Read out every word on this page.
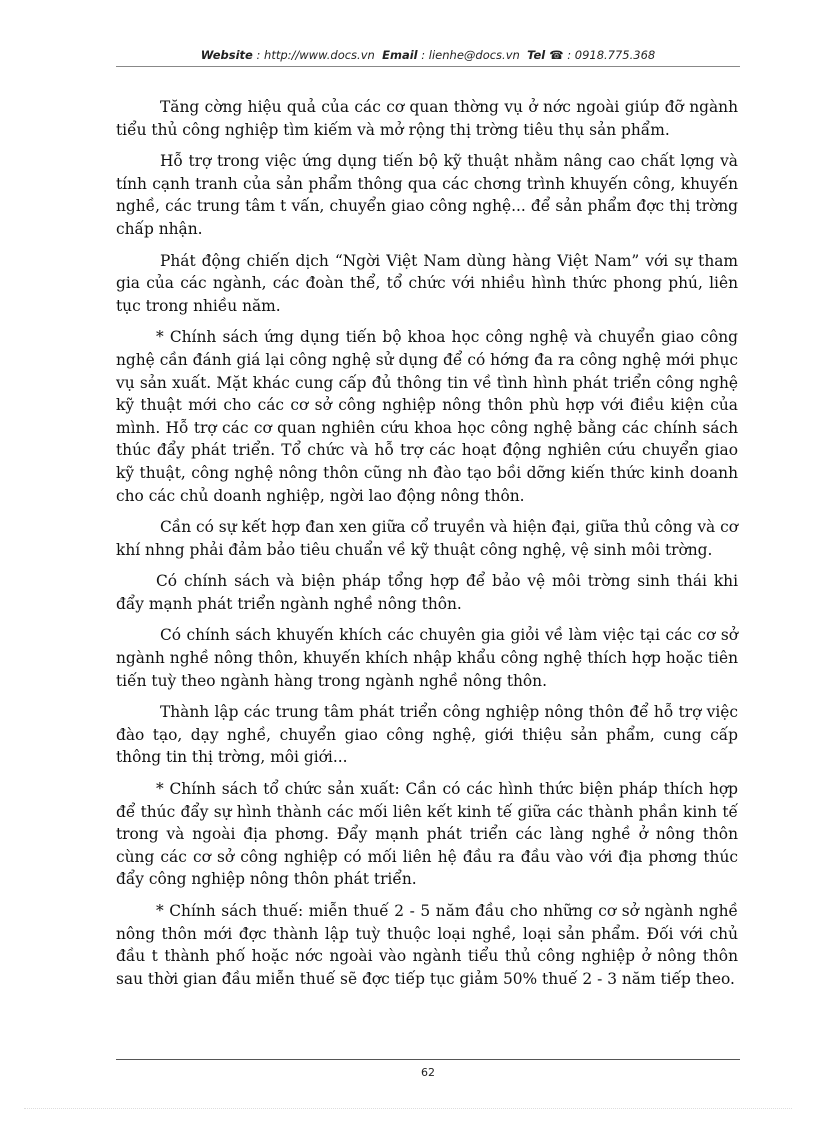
Website : http://www.docs.vn Email : lienhe@docs.vn Tel ☎ : 0918.775.368

Tăng cờng hiệu quả của các cơ quan thờng vụ ở nớc ngoài giúp đỡ ngành tiểu thủ công nghiệp tìm kiếm và mở rộng thị trờng tiêu thụ sản phẩm.

Hỗ trợ trong việc ứng dụng tiến bộ kỹ thuật nhằm nâng cao chất lợng và tính cạnh tranh của sản phẩm thông qua các chơng trình khuyến công, khuyến nghề, các trung tâm t vấn, chuyển giao công nghệ... để sản phẩm đợc thị trờng chấp nhận.

Phát động chiến dịch “Ngời Việt Nam dùng hàng Việt Nam” với sự tham gia của các ngành, các đoàn thể, tổ chức với nhiều hình thức phong phú, liên tục trong nhiều năm.

* Chính sách ứng dụng tiến bộ khoa học công nghệ và chuyển giao công nghệ cần đánh giá lại công nghệ sử dụng để có hớng đa ra công nghệ mới phục vụ sản xuất. Mặt khác cung cấp đủ thông tin về tình hình phát triển công nghệ kỹ thuật mới cho các cơ sở công nghiệp nông thôn phù hợp với điều kiện của mình. Hỗ trợ các cơ quan nghiên cứu khoa học công nghệ bằng các chính sách thúc đẩy phát triển. Tổ chức và hỗ trợ các hoạt động nghiên cứu chuyển giao kỹ thuật, công nghệ nông thôn cũng nh đào tạo bồi dỡng kiến thức kinh doanh cho các chủ doanh nghiệp, ngời lao động nông thôn.

Cần có sự kết hợp đan xen giữa cổ truyền và hiện đại, giữa thủ công và cơ khí nhng phải đảm bảo tiêu chuẩn về kỹ thuật công nghệ, vệ sinh môi trờng.

Có chính sách và biện pháp tổng hợp để bảo vệ môi trờng sinh thái khi đẩy mạnh phát triển ngành nghề nông thôn.

Có chính sách khuyến khích các chuyên gia giỏi về làm việc tại các cơ sở ngành nghề nông thôn, khuyến khích nhập khẩu công nghệ thích hợp hoặc tiên tiến tuỳ theo ngành hàng trong ngành nghề nông thôn.

Thành lập các trung tâm phát triển công nghiệp nông thôn để hỗ trợ việc đào tạo, dạy nghề, chuyển giao công nghệ, giới thiệu sản phẩm, cung cấp thông tin thị trờng, môi giới...

* Chính sách tổ chức sản xuất: Cần có các hình thức biện pháp thích hợp để thúc đẩy sự hình thành các mối liên kết kinh tế giữa các thành phần kinh tế trong và ngoài địa phơng. Đẩy mạnh phát triển các làng nghề ở nông thôn cùng các cơ sở công nghiệp có mối liên hệ đầu ra đầu vào với địa phơng thúc đẩy công nghiệp nông thôn phát triển.

* Chính sách thuế: miễn thuế 2 - 5 năm đầu cho những cơ sở ngành nghề nông thôn mới đợc thành lập tuỳ thuộc loại nghề, loại sản phẩm. Đối với chủ đầu t thành phố hoặc nớc ngoài vào ngành tiểu thủ công nghiệp ở nông thôn sau thời gian đầu miễn thuế sẽ đợc tiếp tục giảm 50% thuế 2 - 3 năm tiếp theo.

62
